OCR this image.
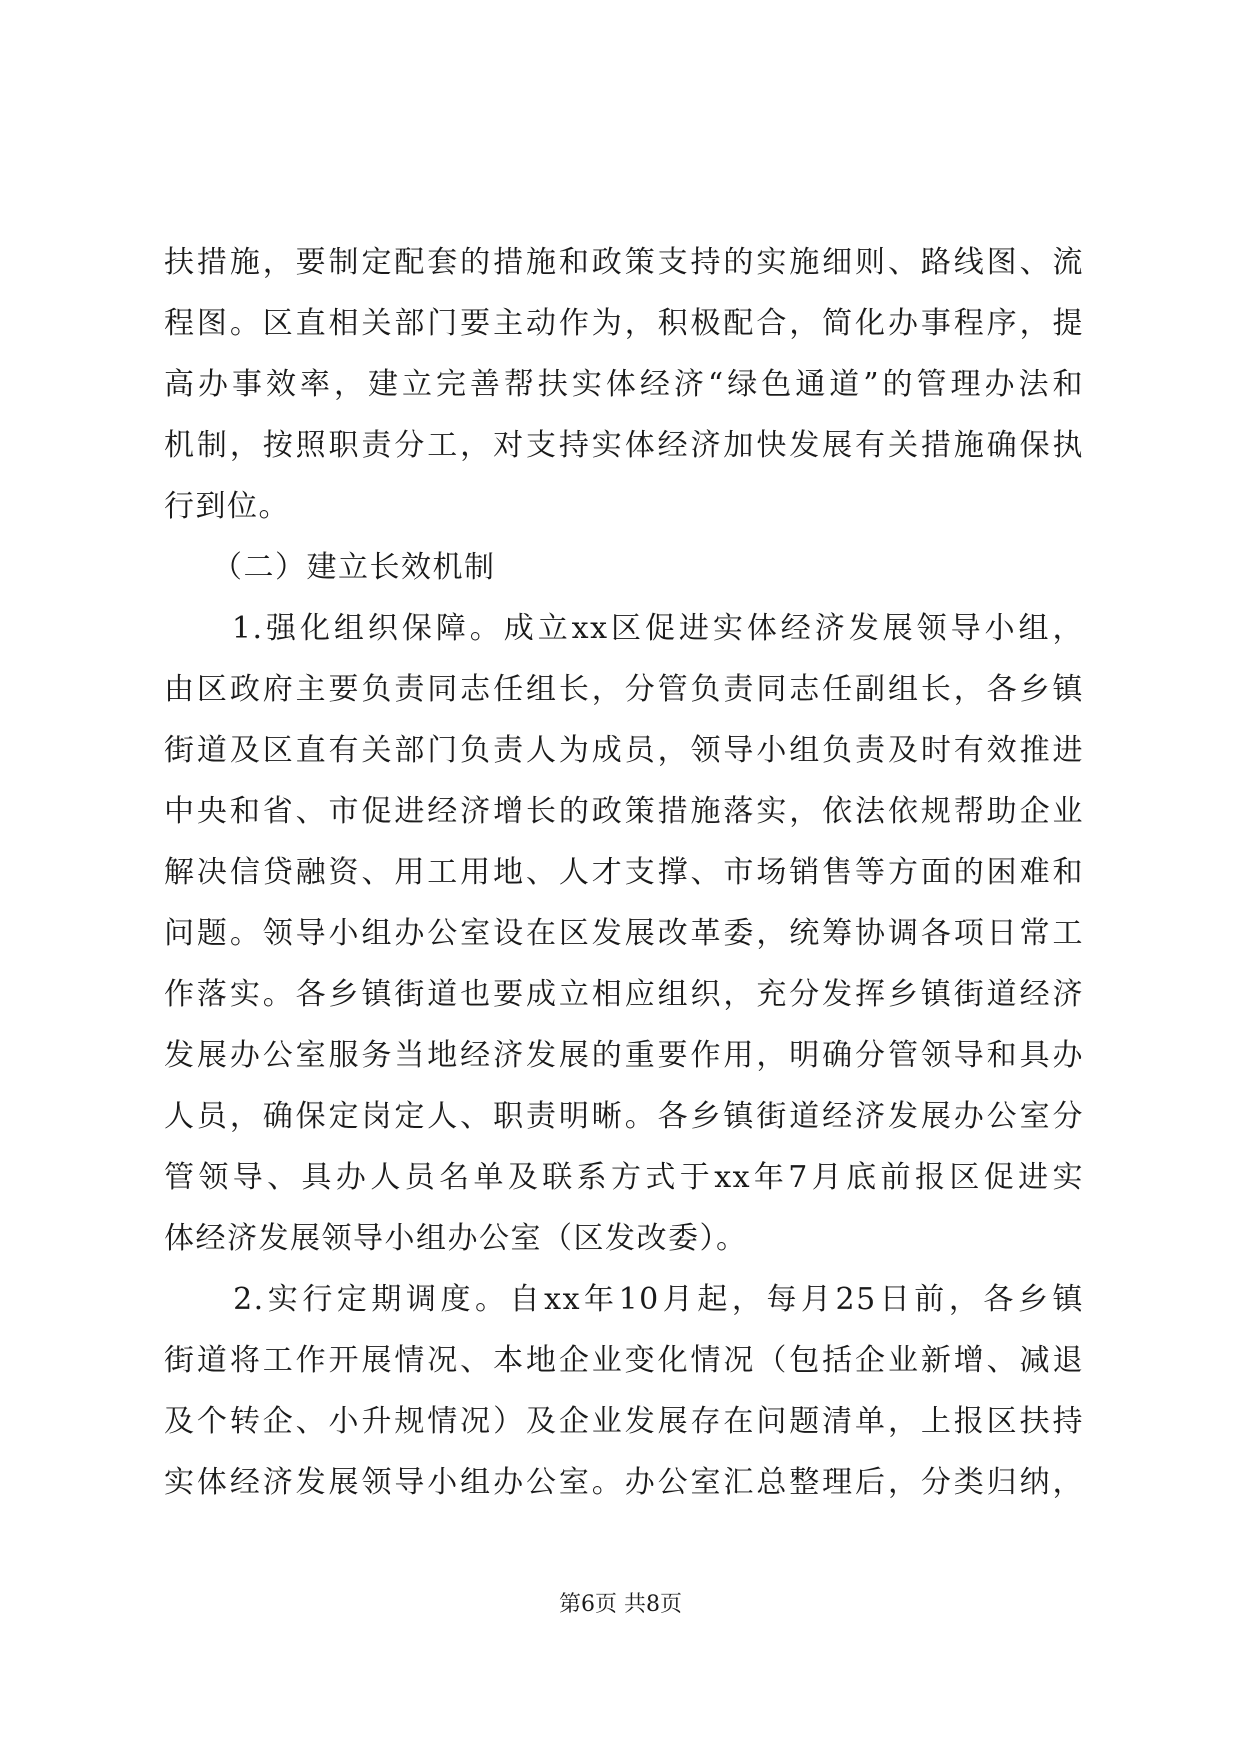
扶措施，要制定配套的措施和政策支持的实施细则、路线图、流
程图。区直相关部门要主动作为，积极配合，简化办事程序，提
高办事效率，建立完善帮扶实体经济“绿色通道”的管理办法和
机制，按照职责分工，对支持实体经济加快发展有关措施确保执
行到位。
　　（二）建立长效机制
　　1.强化组织保障。成立xx区促进实体经济发展领导小组，
由区政府主要负责同志任组长，分管负责同志任副组长，各乡镇
街道及区直有关部门负责人为成员，领导小组负责及时有效推进
中央和省、市促进经济增长的政策措施落实，依法依规帮助企业
解决信贷融资、用工用地、人才支撑、市场销售等方面的困难和
问题。领导小组办公室设在区发展改革委，统筹协调各项日常工
作落实。各乡镇街道也要成立相应组织，充分发挥乡镇街道经济
发展办公室服务当地经济发展的重要作用，明确分管领导和具办
人员，确保定岗定人、职责明晰。各乡镇街道经济发展办公室分
管领导、具办人员名单及联系方式于xx年7月底前报区促进实
体经济发展领导小组办公室（区发改委）。
　　2.实行定期调度。自xx年10月起，每月25日前，各乡镇
街道将工作开展情况、本地企业变化情况（包括企业新增、减退
及个转企、小升规情况）及企业发展存在问题清单，上报区扶持
实体经济发展领导小组办公室。办公室汇总整理后，分类归纳，
第6页 共8页
